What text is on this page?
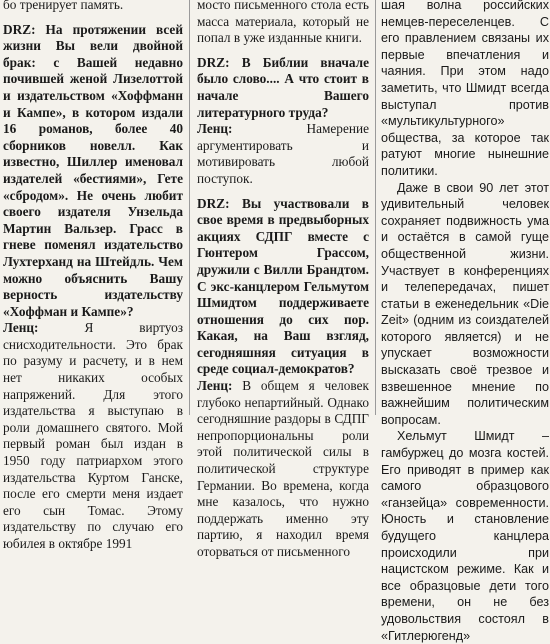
бо тренирует память.

DRZ: На протяжении всей жизни Вы вели двойной брак: с Вашей недавно почившей женой Лизелоттой и издательством «Хоффманн и Кампе», в котором издали 16 романов, более 40 сборников новелл. Как известно, Шиллер именовал издателей «бестиями», Гете «сбродом». Не очень любит своего издателя Унзельда Мартин Вальзер. Грасс в гневе поменял издательство Лухтерханд на Штейдль. Чем можно объяснить Вашу верность издательству «Хоффман и Кампе»?

Ленц:	Я виртуоз снисходительности. Это брак по разуму и расчету, и в нем нет никаких особых напряжений. Для этого издательства я выступаю в роли домашнего святого. Мой первый роман был издан в 1950 году патриархом этого издательства Куртом Ганске, после его смерти меня издает его сын Томас. Этому издательству по случаю его юбилея в октябре 1991

мосто письменного стола есть масса материала, который не попал в уже изданные книги.

DRZ: В Библии вначале было слово.... А что стоит в начале Вашего литературного труда?

Ленц:	Намерение аргументировать и мотивировать любой поступок.

DRZ: Вы участвовали в свое время в предвыборных акциях СДПГ вместе с Гюнтером Грассом, дружили с Вилли Брандтом. С экс-канцлером Гельмутом Шмидтом поддерживаете отношения до сих пор. Какая, на Ваш взгляд, сегодняшняя ситуация в среде социал-демократов?

Ленц: В общем я человек глубоко непартийный. Однако сегодняшние раздоры в СДПГ непропорциональны роли этой политической силы в политической структуре Германии. Во времена, когда мне казалось, что нужно поддержать именно эту партию, я находил время оторваться от письменного

шая волна российских немцев-переселенцев. С его правлением связаны их первые впечатления и чаяния. При этом надо заметить, что Шмидт всегда выступал против «мультикультурного» общества, за которое так ратуют многие нынешние политики.

Даже в свои 90 лет этот удивительный человек сохраняет подвижность ума и остаётся в самой гуще общественной жизни. Участвует в конференциях и телепередачах, пишет статьи в еженедельник «Die Zeit» (одним из соиздателей которого является) и не упускает возможности высказать своё трезвое и взвешенное мнение по важнейшим политическим вопросам.

Хельмут Шмидт – гамбуржец до мозга костей. Его приводят в пример как самого образцового «ганзейца» современности. Юность и становление будущего канцлера происходили при нацистском режиме. Как и все образцовые дети того времени, он не без удовольствия состоял в «Гитлерюгенд»
